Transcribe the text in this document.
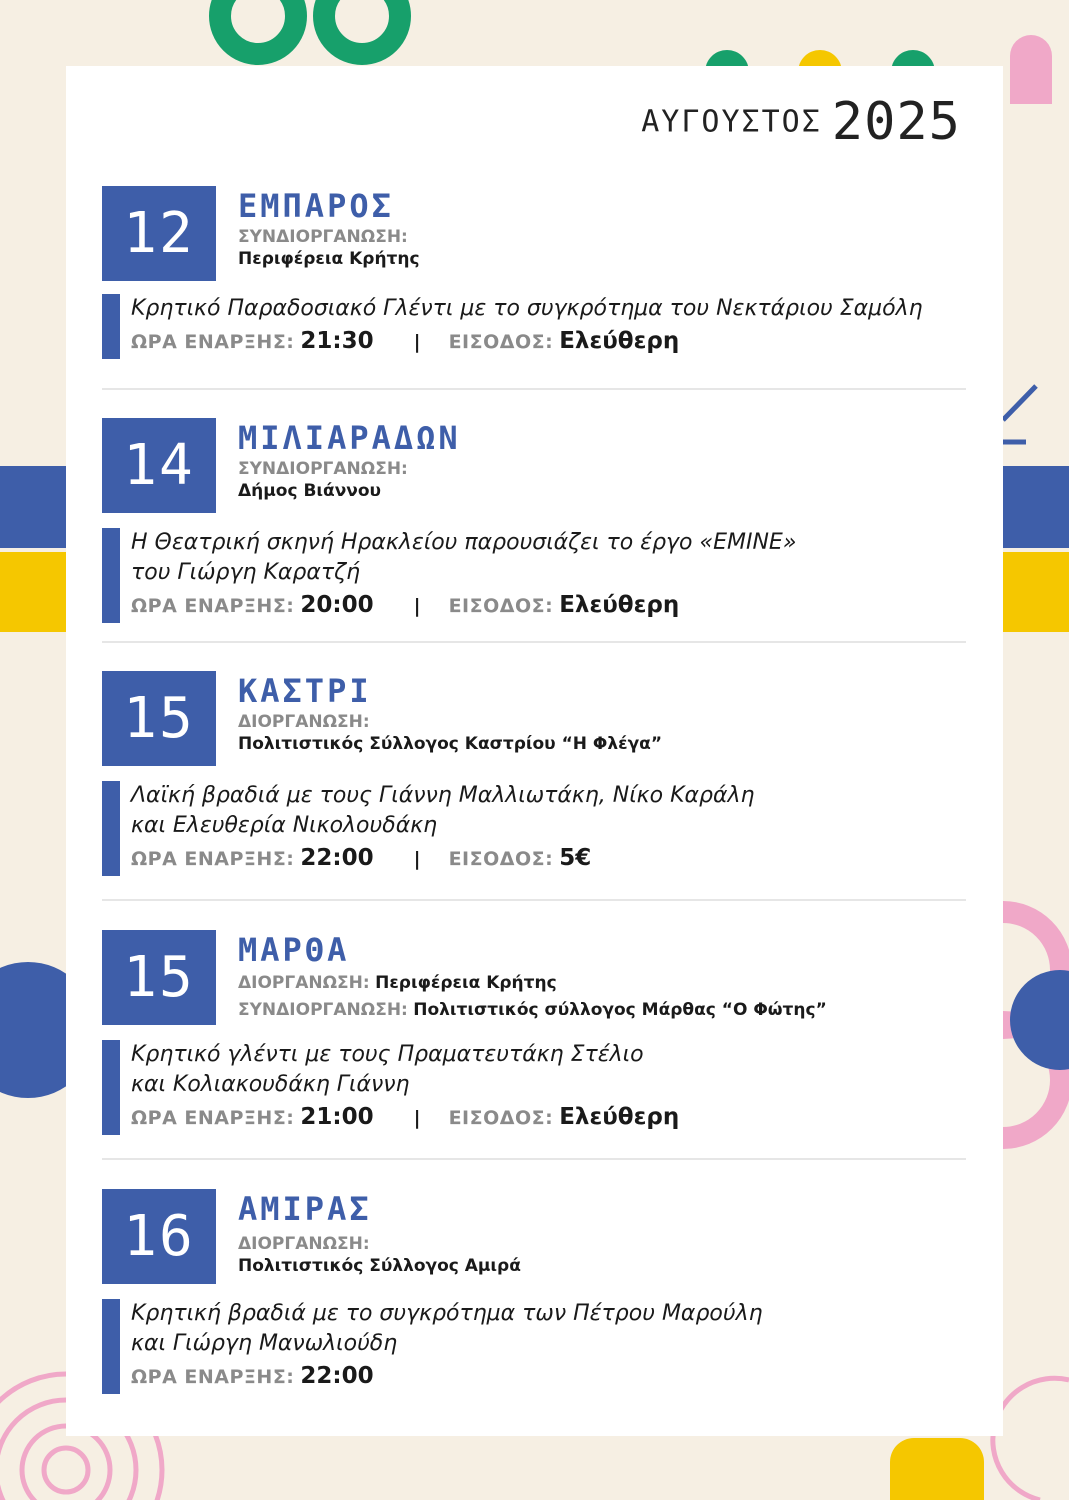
ΑΥΓΟΥΣΤΟΣ 2025
12	ΕΜΠΑΡΟΣ
ΣΥΝΔΙΟΡΓΑΝΩΣΗ:
Περιφέρεια Κρήτης
Κρητικό Παραδοσιακό Γλέντι με το συγκρότημα του Νεκτάριου Σαμόλη
ΩΡΑ ΕΝΑΡΞΗΣ: 21:30 | ΕΙΣΟΔΟΣ: Ελεύθερη
14	ΜΙΛΙΑΡΑΔΩΝ
ΣΥΝΔΙΟΡΓΑΝΩΣΗ:
Δήμος Βιάννου
Η Θεατρική σκηνή Ηρακλείου παρουσιάζει το έργο «ΕΜΙΝΕ»
του Γιώργη Καρατζή
ΩΡΑ ΕΝΑΡΞΗΣ: 20:00 | ΕΙΣΟΔΟΣ: Ελεύθερη
15	ΚΑΣΤΡΙ
ΔΙΟΡΓΑΝΩΣΗ:
Πολιτιστικός Σύλλογος Καστρίου “Η Φλέγα”
Λαϊκή βραδιά με τους Γιάννη Μαλλιωτάκη, Νίκο Καράλη
και Ελευθερία Νικολουδάκη
ΩΡΑ ΕΝΑΡΞΗΣ: 22:00 | ΕΙΣΟΔΟΣ: 5€
15	ΜΑΡΘΑ
ΔΙΟΡΓΑΝΩΣΗ: Περιφέρεια Κρήτης
ΣΥΝΔΙΟΡΓΑΝΩΣΗ: Πολιτιστικός σύλλογος Μάρθας “Ο Φώτης”
Κρητικό γλέντι με τους Πραματευτάκη Στέλιο
και Κολιακουδάκη Γιάννη
ΩΡΑ ΕΝΑΡΞΗΣ: 21:00 | ΕΙΣΟΔΟΣ: Ελεύθερη
16	ΑΜΙΡΑΣ
ΔΙΟΡΓΑΝΩΣΗ:
Πολιτιστικός Σύλλογος Αμιρά
Κρητική βραδιά με το συγκρότημα των Πέτρου Μαρούλη
και Γιώργη Μανωλιούδη
ΩΡΑ ΕΝΑΡΞΗΣ: 22:00
